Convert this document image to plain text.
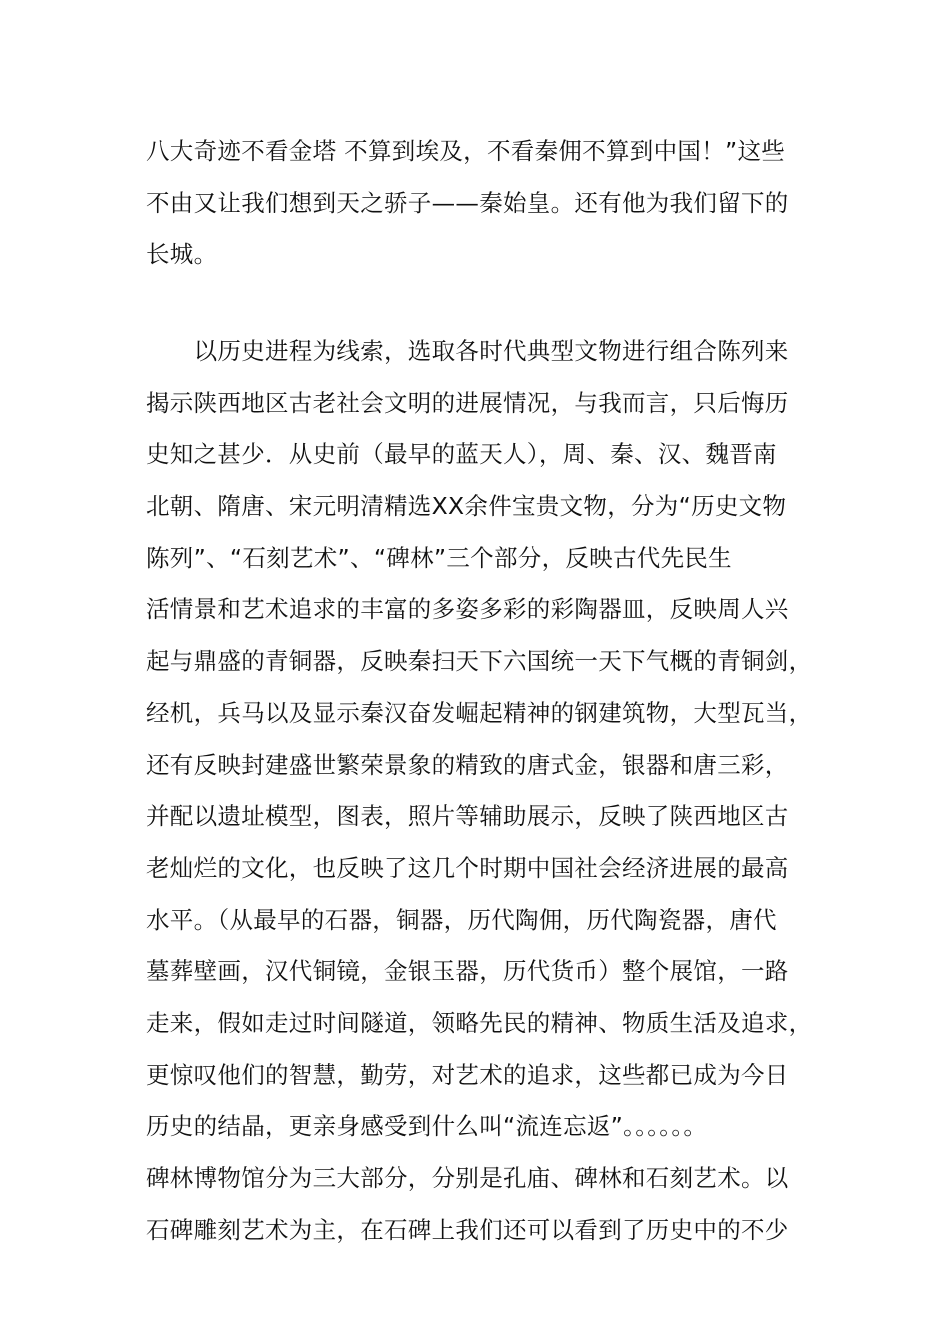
八大奇迹不看金塔 不算到埃及，不看秦佣不算到中国！”这些
不由又让我们想到天之骄子——秦始皇。还有他为我们留下的
长城。
　　以历史进程为线索，选取各时代典型文物进行组合陈列来
揭示陕西地区古老社会文明的进展情况，与我而言，只后悔历
史知之甚少．从史前（最早的蓝天人），周、秦、汉、魏晋南
北朝、隋唐、宋元明清精选XX余件宝贵文物，分为“历史文物
陈列”、“石刻艺术”、“碑林”三个部分，反映古代先民生
活情景和艺术追求的丰富的多姿多彩的彩陶器皿，反映周人兴
起与鼎盛的青铜器，反映秦扫天下六国统一天下气概的青铜剑，
经机，兵马以及显示秦汉奋发崛起精神的钢建筑物，大型瓦当，
还有反映封建盛世繁荣景象的精致的唐式金，银器和唐三彩，
并配以遗址模型，图表，照片等辅助展示，反映了陕西地区古
老灿烂的文化，也反映了这几个时期中国社会经济进展的最高
水平。（从最早的石器，铜器，历代陶佣，历代陶瓷器，唐代
墓葬壁画，汉代铜镜，金银玉器，历代货币）整个展馆，一路
走来，假如走过时间隧道，领略先民的精神、物质生活及追求，
更惊叹他们的智慧，勤劳，对艺术的追求，这些都已成为今日
历史的结晶，更亲身感受到什么叫“流连忘返”。。。。。。
碑林博物馆分为三大部分，分别是孔庙、碑林和石刻艺术。以
石碑雕刻艺术为主，在石碑上我们还可以看到了历史中的不少
